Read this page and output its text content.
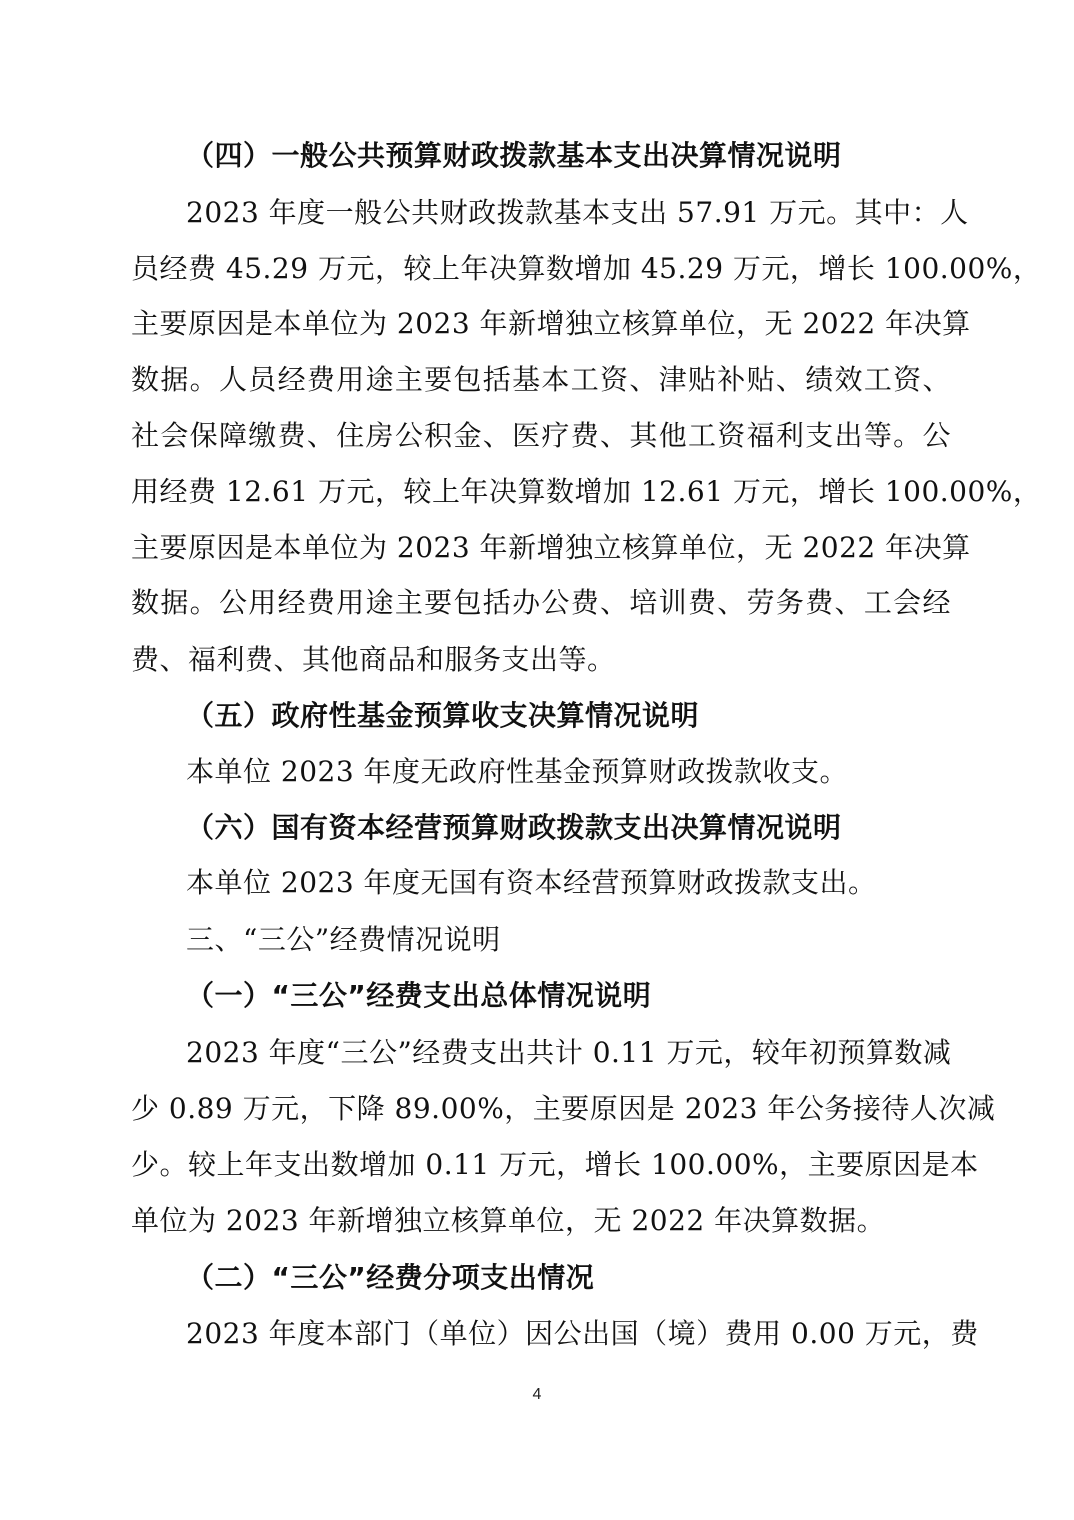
（四）一般公共预算财政拨款基本支出决算情况说明
2023 年度一般公共财政拨款基本支出 57.91 万元。其中：人
员经费 45.29 万元，较上年决算数增加 45.29 万元，增长 100.00%，
主要原因是本单位为 2023 年新增独立核算单位，无 2022 年决算
数据。人员经费用途主要包括基本工资、津贴补贴、绩效工资、
社会保障缴费、住房公积金、医疗费、其他工资福利支出等。公
用经费 12.61 万元，较上年决算数增加 12.61 万元，增长 100.00%，
主要原因是本单位为 2023 年新增独立核算单位，无 2022 年决算
数据。公用经费用途主要包括办公费、培训费、劳务费、工会经
费、福利费、其他商品和服务支出等。
（五）政府性基金预算收支决算情况说明
本单位 2023 年度无政府性基金预算财政拨款收支。
（六）国有资本经营预算财政拨款支出决算情况说明
本单位 2023 年度无国有资本经营预算财政拨款支出。
三、“三公”经费情况说明
（一）“三公”经费支出总体情况说明
2023 年度“三公”经费支出共计 0.11 万元，较年初预算数减
少 0.89 万元，下降 89.00%，主要原因是 2023 年公务接待人次减
少。较上年支出数增加 0.11 万元，增长 100.00%，主要原因是本
单位为 2023 年新增独立核算单位，无 2022 年决算数据。
（二）“三公”经费分项支出情况
2023 年度本部门（单位）因公出国（境）费用 0.00 万元，费
4
